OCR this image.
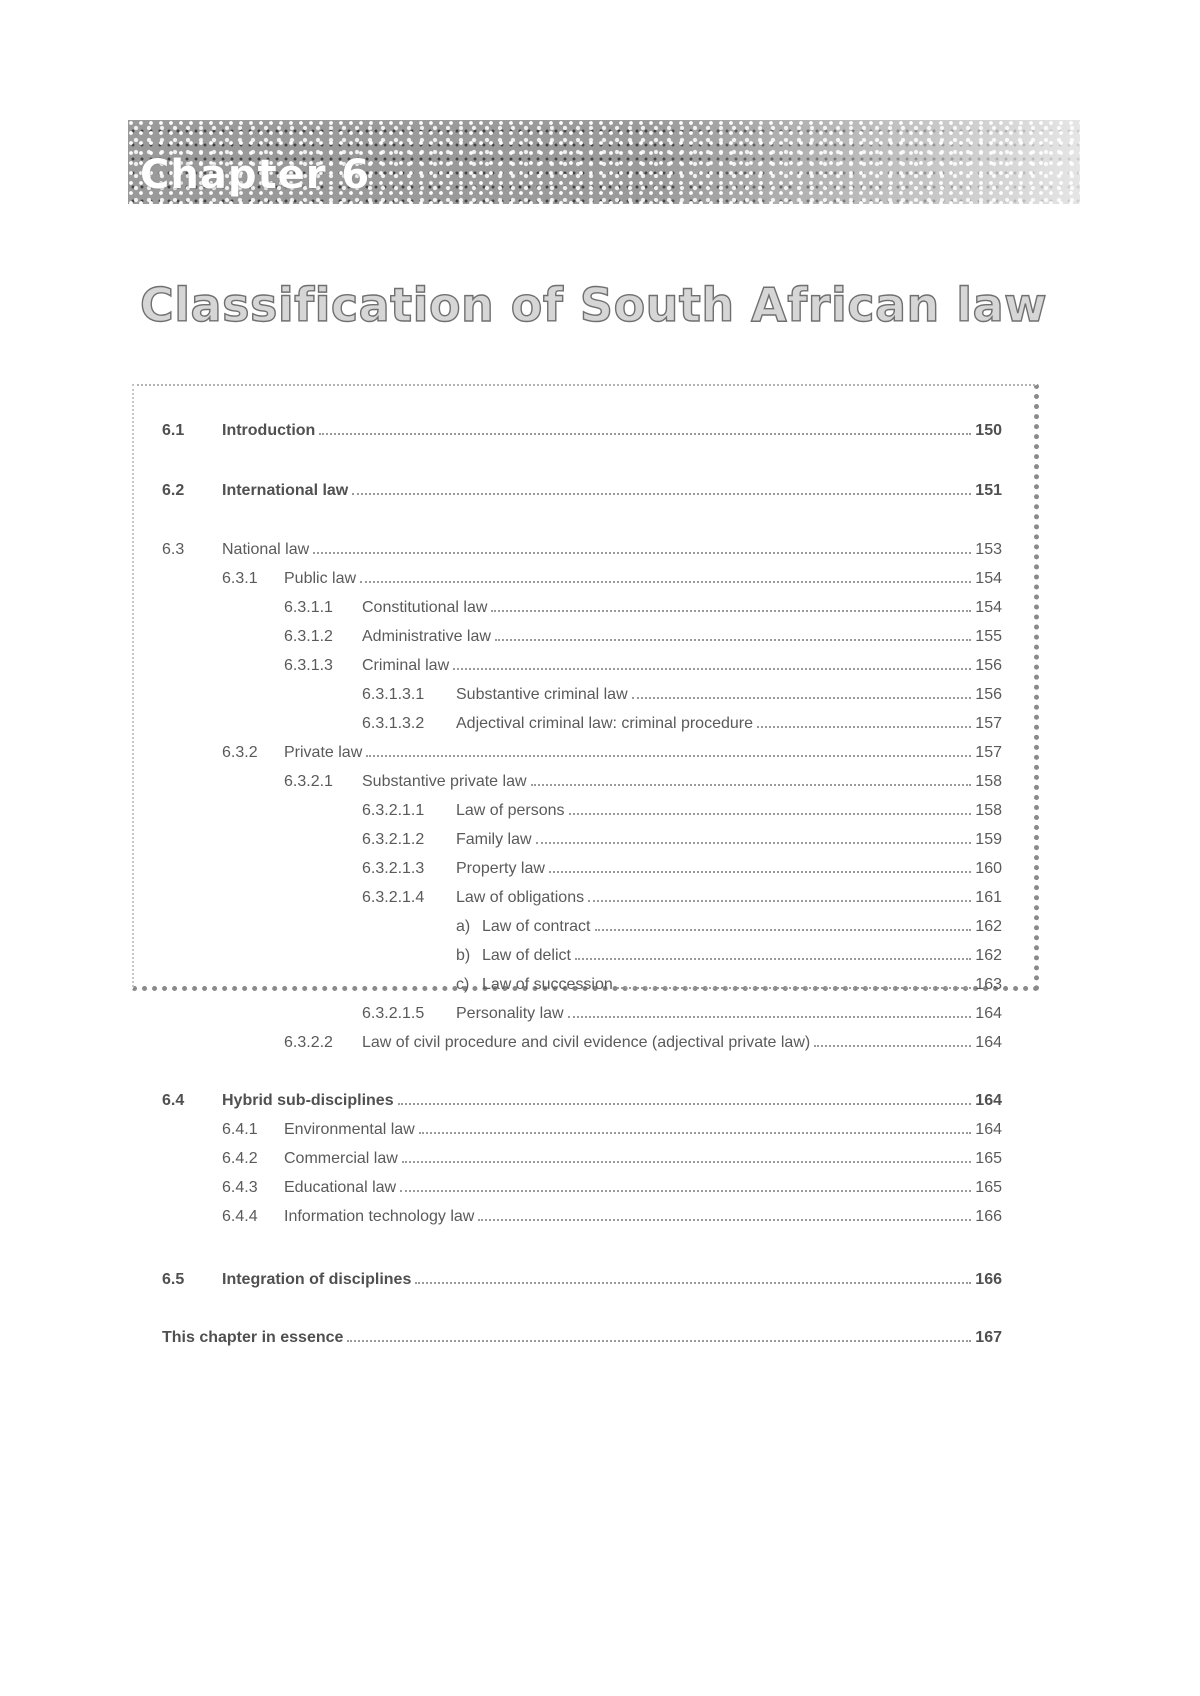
Chapter 6
Classification of South African law
6.1 Introduction	150
6.2 International law	151
6.3 National law	153
6.3.1 Public law	154
6.3.1.1 Constitutional law	154
6.3.1.2 Administrative law	155
6.3.1.3 Criminal law	156
6.3.1.3.1 Substantive criminal law	156
6.3.1.3.2 Adjectival criminal law: criminal procedure	157
6.3.2 Private law	157
6.3.2.1 Substantive private law	158
6.3.2.1.1 Law of persons	158
6.3.2.1.2 Family law	159
6.3.2.1.3 Property law	160
6.3.2.1.4 Law of obligations	161
a) Law of contract	162
b) Law of delict	162
c) Law of succession	163
6.3.2.1.5 Personality law	164
6.3.2.2 Law of civil procedure and civil evidence (adjectival private law)	164
6.4 Hybrid sub-disciplines	164
6.4.1 Environmental law	164
6.4.2 Commercial law	165
6.4.3 Educational law	165
6.4.4 Information technology law	166
6.5 Integration of disciplines	166
This chapter in essence	167
